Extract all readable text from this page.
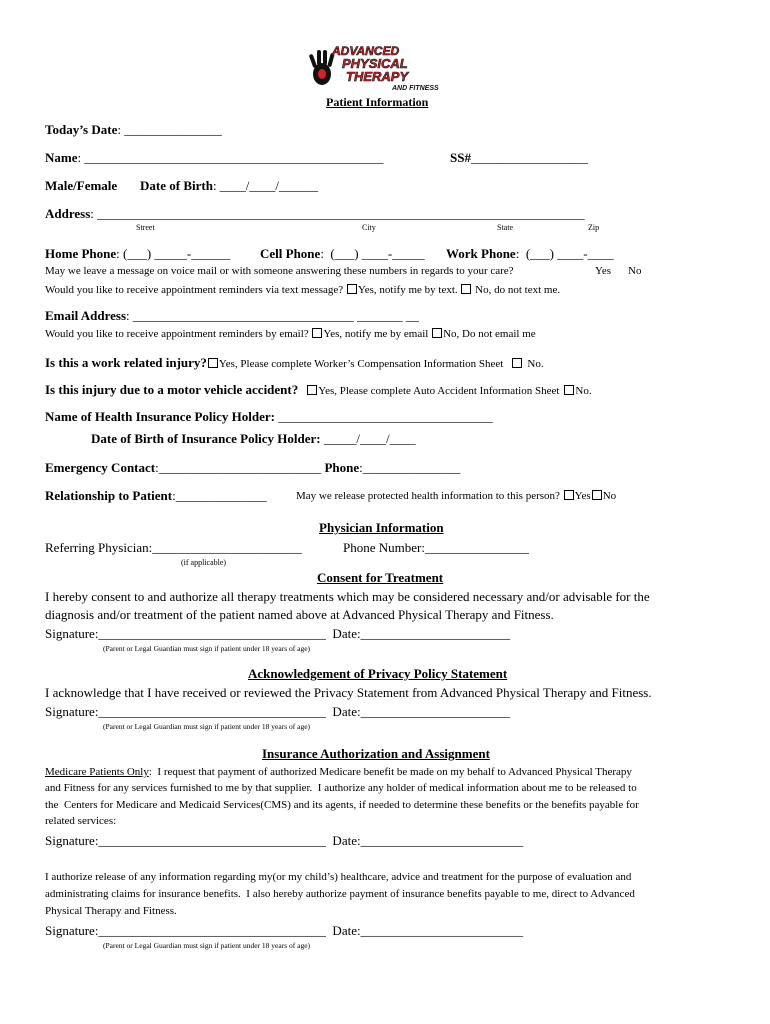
ADVANCED
PHYSICAL
THERAPY
AND FITNESS
Patient Information
Today’s Date: _______________
Name: ______________________________________________	SS#__________________
Male/Female Date of Birth: ____/____/______
Address: ___________________________________________________________________________
Street	City	State	Zip
Home Phone: (___) _____-______ Cell Phone:  (___) ____-_____ Work Phone:  (___) ____-____
May we leave a message on voice mail or with someone answering these numbers in regards to your care?	Yes No
Would you like to receive appointment reminders via text message? Yes, notify me by text. No, do not text me.
Email Address: __________________________________ _______ __
Would you like to receive appointment reminders by email? Yes, notify me by email No, Do not email me
Is this a work related injury? Yes, Please complete Worker’s Compensation Information Sheet No.
Is this injury due to a motor vehicle accident? Yes, Please complete Auto Accident Information Sheet No.
Name of Health Insurance Policy Holder: _________________________________
Date of Birth of Insurance Policy Holder: _____/____/____
Emergency Contact:_________________________ Phone:_______________
Relationship to Patient:______________	May we release protected health information to this person? Yes No
Physician Information
Referring Physician:_______________________	Phone Number:________________
(if applicable)
Consent for Treatment
I hereby consent to and authorize all therapy treatments which may be considered necessary and/or advisable for the
diagnosis and/or treatment of the patient named above at Advanced Physical Therapy and Fitness.
Signature:___________________________________  Date:_______________________
(Parent or Legal Guardian must sign if patient under 18 years of age)
Acknowledgement of Privacy Policy Statement
I acknowledge that I have received or reviewed the Privacy Statement from Advanced Physical Therapy and Fitness.
Signature:___________________________________  Date:_______________________
(Parent or Legal Guardian must sign if patient under 18 years of age)
Insurance Authorization and Assignment
Medicare Patients Only:  I request that payment of authorized Medicare benefit be made on my behalf to Advanced Physical Therapy
and Fitness for any services furnished to me by that supplier.  I authorize any holder of medical information about me to be released to
the  Centers for Medicare and Medicaid Services(CMS) and its agents, if needed to determine these benefits or the benefits payable for
related services:
Signature:___________________________________  Date:_________________________
I authorize release of any information regarding my(or my child’s) healthcare, advice and treatment for the purpose of evaluation and
administrating claims for insurance benefits.  I also hereby authorize payment of insurance benefits payable to me, direct to Advanced
Physical Therapy and Fitness.
Signature:___________________________________  Date:_________________________
(Parent or Legal Guardian must sign if patient under 18 years of age)
